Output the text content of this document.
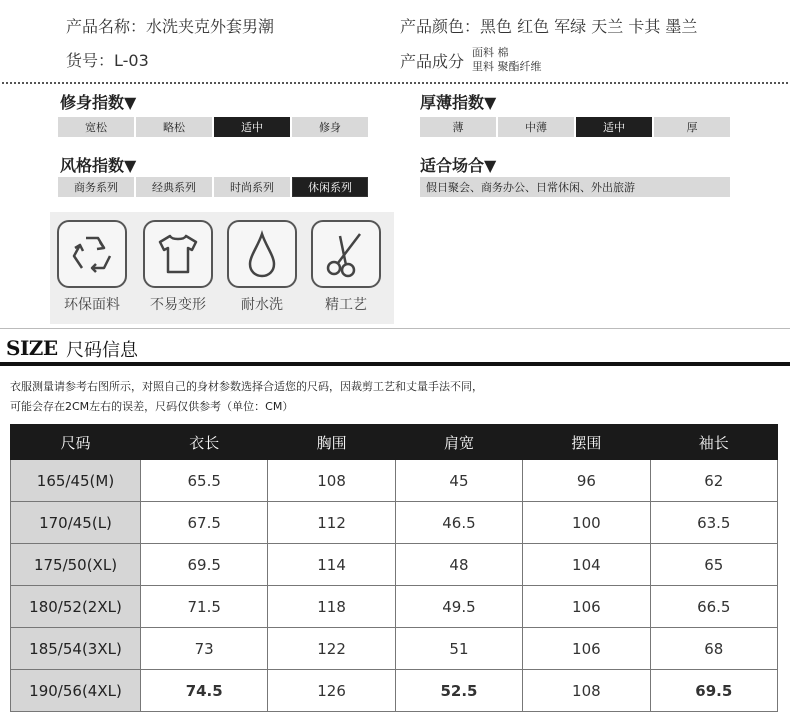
产品名称：水洗夹克外套男潮
货号：L-03
产品颜色：黑色 红色 军绿 天兰 卡其 墨兰
产品成分 面料 棉
里料 聚酯纤维
修身指数▼
宽松	略松	适中	修身
厚薄指数▼
薄	中薄	适中	厚
风格指数▼
商务系列	经典系列	时尚系列	休闲系列
适合场合▼
假日聚会、商务办公、日常休闲、外出旅游
环保面料	不易变形	耐水洗	精工艺
SIZE 尺码信息
衣服测量请参考右图所示，对照自己的身材参数选择合适您的尺码，因裁剪工艺和丈量手法不同，
可能会存在2CM左右的误差，尺码仅供参考（单位：CM）
尺码	衣长	胸围	肩宽	摆围	袖长
165/45(M)	65.5	108	45	96	62
170/45(L)	67.5	112	46.5	100	63.5
175/50(XL)	69.5	114	48	104	65
180/52(2XL)	71.5	118	49.5	106	66.5
185/54(3XL)	73	122	51	106	68
190/56(4XL)	74.5	126	52.5	108	69.5
